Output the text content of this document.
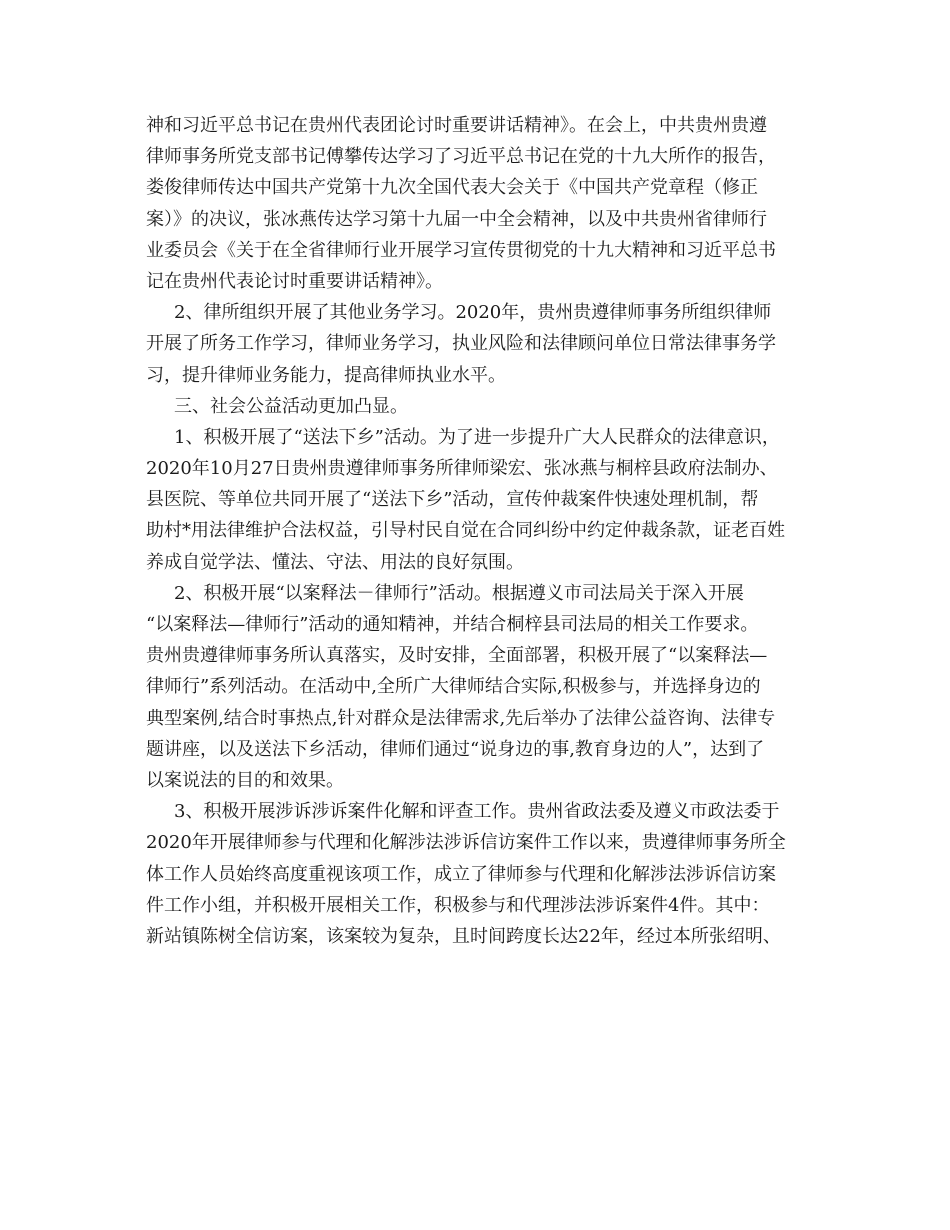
神和习近平总书记在贵州代表团论讨时重要讲话精神》。在会上，中共贵州贵遵
律师事务所党支部书记傅攀传达学习了习近平总书记在党的十九大所作的报告，
娄俊律师传达中国共产党第十九次全国代表大会关于《中国共产党章程（修正
案）》的决议，张冰燕传达学习第十九届一中全会精神，以及中共贵州省律师行
业委员会《关于在全省律师行业开展学习宣传贯彻党的十九大精神和习近平总书
记在贵州代表论讨时重要讲话精神》。
2、律所组织开展了其他业务学习。2020年，贵州贵遵律师事务所组织律师
开展了所务工作学习，律师业务学习，执业风险和法律顾问单位日常法律事务学
习，提升律师业务能力，提高律师执业水平。
三、社会公益活动更加凸显。
1、积极开展了“送法下乡”活动。为了进一步提升广大人民群众的法律意识，
2020年10月27日贵州贵遵律师事务所律师梁宏、张冰燕与桐梓县政府法制办、
县医院、等单位共同开展了“送法下乡”活动，宣传仲裁案件快速处理机制，帮
助村*用法律维护合法权益，引导村民自觉在合同纠纷中约定仲裁条款，证老百姓
养成自觉学法、懂法、守法、用法的良好氛围。
2、积极开展“以案释法－律师行”活动。根据遵义市司法局关于深入开展
“以案释法—律师行”活动的通知精神，并结合桐梓县司法局的相关工作要求。
贵州贵遵律师事务所认真落实，及时安排，全面部署，积极开展了“以案释法—
律师行”系列活动。在活动中,全所广大律师结合实际,积极参与，并选择身边的
典型案例,结合时事热点,针对群众是法律需求,先后举办了法律公益咨询、法律专
题讲座，以及送法下乡活动，律师们通过“说身边的事,教育身边的人”，达到了
以案说法的目的和效果。
3、积极开展涉诉涉诉案件化解和评查工作。贵州省政法委及遵义市政法委于
2020年开展律师参与代理和化解涉法涉诉信访案件工作以来，贵遵律师事务所全
体工作人员始终高度重视该项工作，成立了律师参与代理和化解涉法涉诉信访案
件工作小组，并积极开展相关工作，积极参与和代理涉法涉诉案件4件。其中：
新站镇陈树全信访案，该案较为复杂，且时间跨度长达22年，经过本所张绍明、
